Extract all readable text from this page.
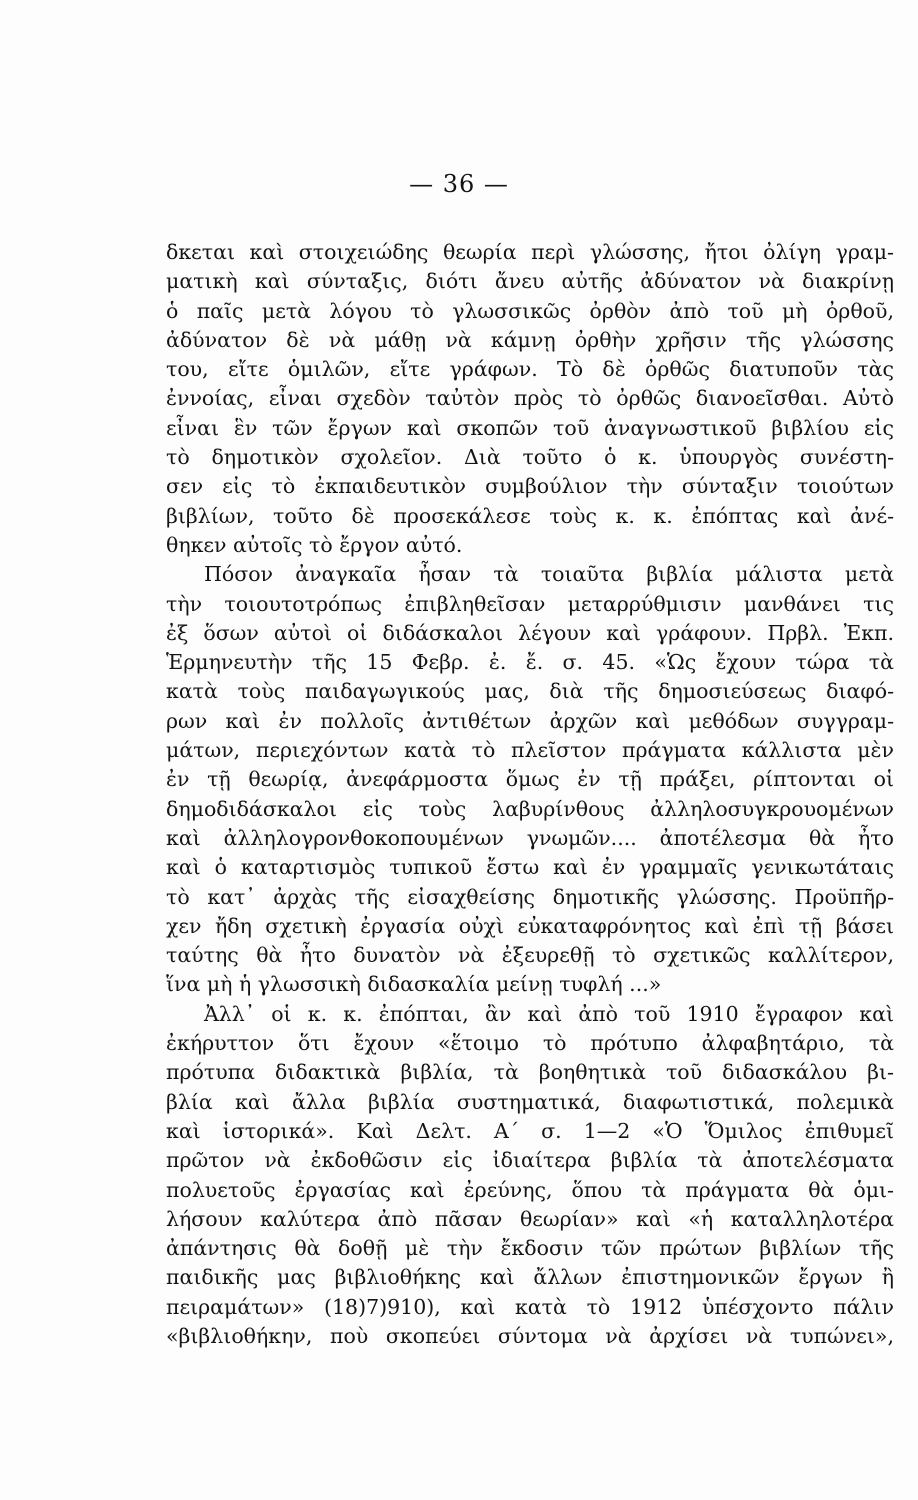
— 36 —
δκεται καὶ στοιχειώδης θεωρία περὶ γλώσσης, ἤτοι ὀλίγη γραμ-
ματικὴ καὶ σύνταξις, διότι ἄνευ αὐτῆς ἀδύνατον νὰ διακρίνῃ
ὁ παῖς μετὰ λόγου τὸ γλωσσικῶς ὀρθὸν ἀπὸ τοῦ μὴ ὀρθοῦ,
ἀδύνατον δὲ νὰ μάθῃ νὰ κάμνῃ ὀρθὴν χρῆσιν τῆς γλώσσης
του, εἴτε ὁμιλῶν, εἴτε γράφων. Τὸ δὲ ὀρθῶς διατυποῦν τὰς
ἐννοίας, εἶναι σχεδὸν ταὐτὸν πρὸς τὸ ὀρθῶς διανοεῖσθαι. Αὐτὸ
εἶναι ἓν τῶν ἔργων καὶ σκοπῶν τοῦ ἀναγνωστικοῦ βιβλίου εἰς
τὸ δημοτικὸν σχολεῖον. Διὰ τοῦτο ὁ κ. ὑπουργὸς συνέστη-
σεν εἰς τὸ ἐκπαιδευτικὸν συμβούλιον τὴν σύνταξιν τοιούτων
βιβλίων, τοῦτο δὲ προσεκάλεσε τοὺς κ. κ. ἐπόπτας καὶ ἀνέ-
θηκεν αὐτοῖς τὸ ἔργον αὐτό.
Πόσον ἀναγκαῖα ἦσαν τὰ τοιαῦτα βιβλία μάλιστα μετὰ
τὴν τοιουτοτρόπως ἐπιβληθεῖσαν μεταρρύθμισιν μανθάνει τις
ἐξ ὅσων αὐτοὶ οἱ διδάσκαλοι λέγουν καὶ γράφουν. Πρβλ. Ἐκπ.
Ἑρμηνευτὴν τῆς 15 Φεβρ. ἐ. ἔ. σ. 45. «Ὡς ἔχουν τώρα τὰ
κατὰ τοὺς παιδαγωγικούς μας, διὰ τῆς δημοσιεύσεως διαφό-
ρων καὶ ἐν πολλοῖς ἀντιθέτων ἀρχῶν καὶ μεθόδων συγγραμ-
μάτων, περιεχόντων κατὰ τὸ πλεῖστον πράγματα κάλλιστα μὲν
ἐν τῇ θεωρίᾳ, ἀνεφάρμοστα ὅμως ἐν τῇ πράξει, ρίπτονται οἱ
δημοδιδάσκαλοι εἰς τοὺς λαβυρίνθους ἀλληλοσυγκρουομένων
καὶ ἀλληλογρονθοκοπουμένων γνωμῶν.... ἀποτέλεσμα θὰ ἦτο
καὶ ὁ καταρτισμὸς τυπικοῦ ἔστω καὶ ἐν γραμμαῖς γενικωτάταις
τὸ κατ᾿ ἀρχὰς τῆς εἰσαχθείσης δημοτικῆς γλώσσης. Προϋπῆρ-
χεν ἤδη σχετικὴ ἐργασία οὐχὶ εὐκαταφρόνητος καὶ ἐπὶ τῇ βάσει
ταύτης θὰ ἦτο δυνατὸν νὰ ἐξευρεθῇ τὸ σχετικῶς καλλίτερον,
ἵνα μὴ ἡ γλωσσικὴ διδασκαλία μείνῃ τυφλή ...»
Ἀλλ᾿ οἱ κ. κ. ἐπόπται, ἂν καὶ ἀπὸ τοῦ 1910 ἔγραφον καὶ
ἐκήρυττον ὅτι ἔχουν «ἕτοιμο τὸ πρότυπο ἀλφαβητάριο, τὰ
πρότυπα διδακτικὰ βιβλία, τὰ βοηθητικὰ τοῦ διδασκάλου βι-
βλία καὶ ἄλλα βιβλία συστηματικά, διαφωτιστικά, πολεμικὰ
καὶ ἱστορικά». Καὶ Δελτ. Α΄ σ. 1—2 «Ὁ Ὅμιλος ἐπιθυμεῖ
πρῶτον νὰ ἐκδοθῶσιν εἰς ἰδιαίτερα βιβλία τὰ ἀποτελέσματα
πολυετοῦς ἐργασίας καὶ ἐρεύνης, ὅπου τὰ πράγματα θὰ ὁμι-
λήσουν καλύτερα ἀπὸ πᾶσαν θεωρίαν» καὶ «ἡ καταλληλοτέρα
ἀπάντησις θὰ δοθῇ μὲ τὴν ἔκδοσιν τῶν πρώτων βιβλίων τῆς
παιδικῆς μας βιβλιοθήκης καὶ ἄλλων ἐπιστημονικῶν ἔργων ἢ
πειραμάτων» (18)7)910), καὶ κατὰ τὸ 1912 ὑπέσχοντο πάλιν
«βιβλιοθήκην, ποὺ σκοπεύει σύντομα νὰ ἀρχίσει νὰ τυπώνει»,
